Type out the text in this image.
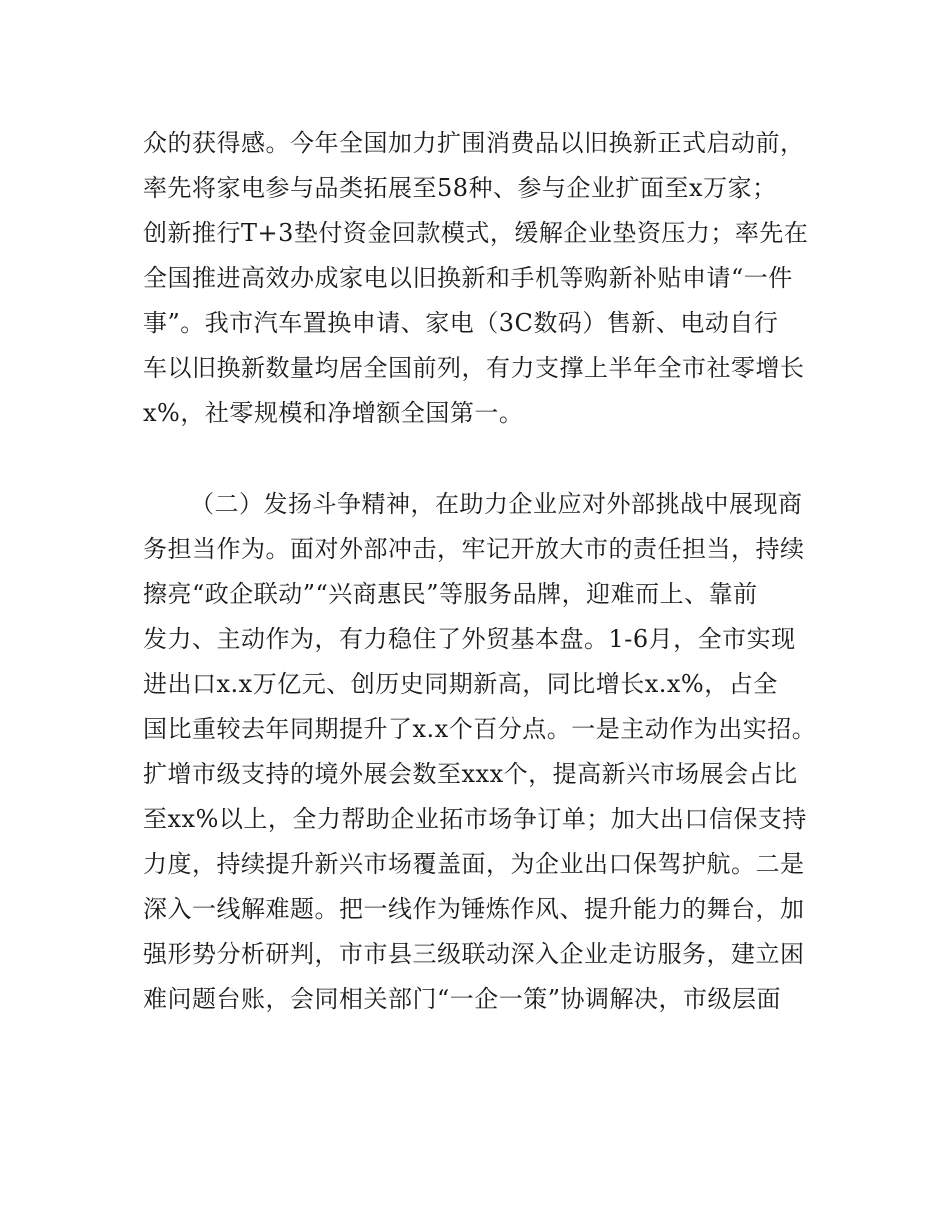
众的获得感。今年全国加力扩围消费品以旧换新正式启动前，

率先将家电参与品类拓展至58种、参与企业扩面至x万家；

创新推行T+3垫付资金回款模式，缓解企业垫资压力；率先在

全国推进高效办成家电以旧换新和手机等购新补贴申请“一件

事”。我市汽车置换申请、家电（3C数码）售新、电动自行

车以旧换新数量均居全国前列，有力支撑上半年全市社零增长

x%，社零规模和净增额全国第一。

（二）发扬斗争精神，在助力企业应对外部挑战中展现商

务担当作为。面对外部冲击，牢记开放大市的责任担当，持续

擦亮“政企联动”“兴商惠民”等服务品牌，迎难而上、靠前

发力、主动作为，有力稳住了外贸基本盘。1-6月，全市实现

进出口x.x万亿元、创历史同期新高，同比增长x.x%，占全

国比重较去年同期提升了x.x个百分点。一是主动作为出实招。

扩增市级支持的境外展会数至xxx个，提高新兴市场展会占比

至xx%以上，全力帮助企业拓市场争订单；加大出口信保支持

力度，持续提升新兴市场覆盖面，为企业出口保驾护航。二是

深入一线解难题。把一线作为锤炼作风、提升能力的舞台，加

强形势分析研判，市市县三级联动深入企业走访服务，建立困

难问题台账，会同相关部门“一企一策”协调解决，市级层面
